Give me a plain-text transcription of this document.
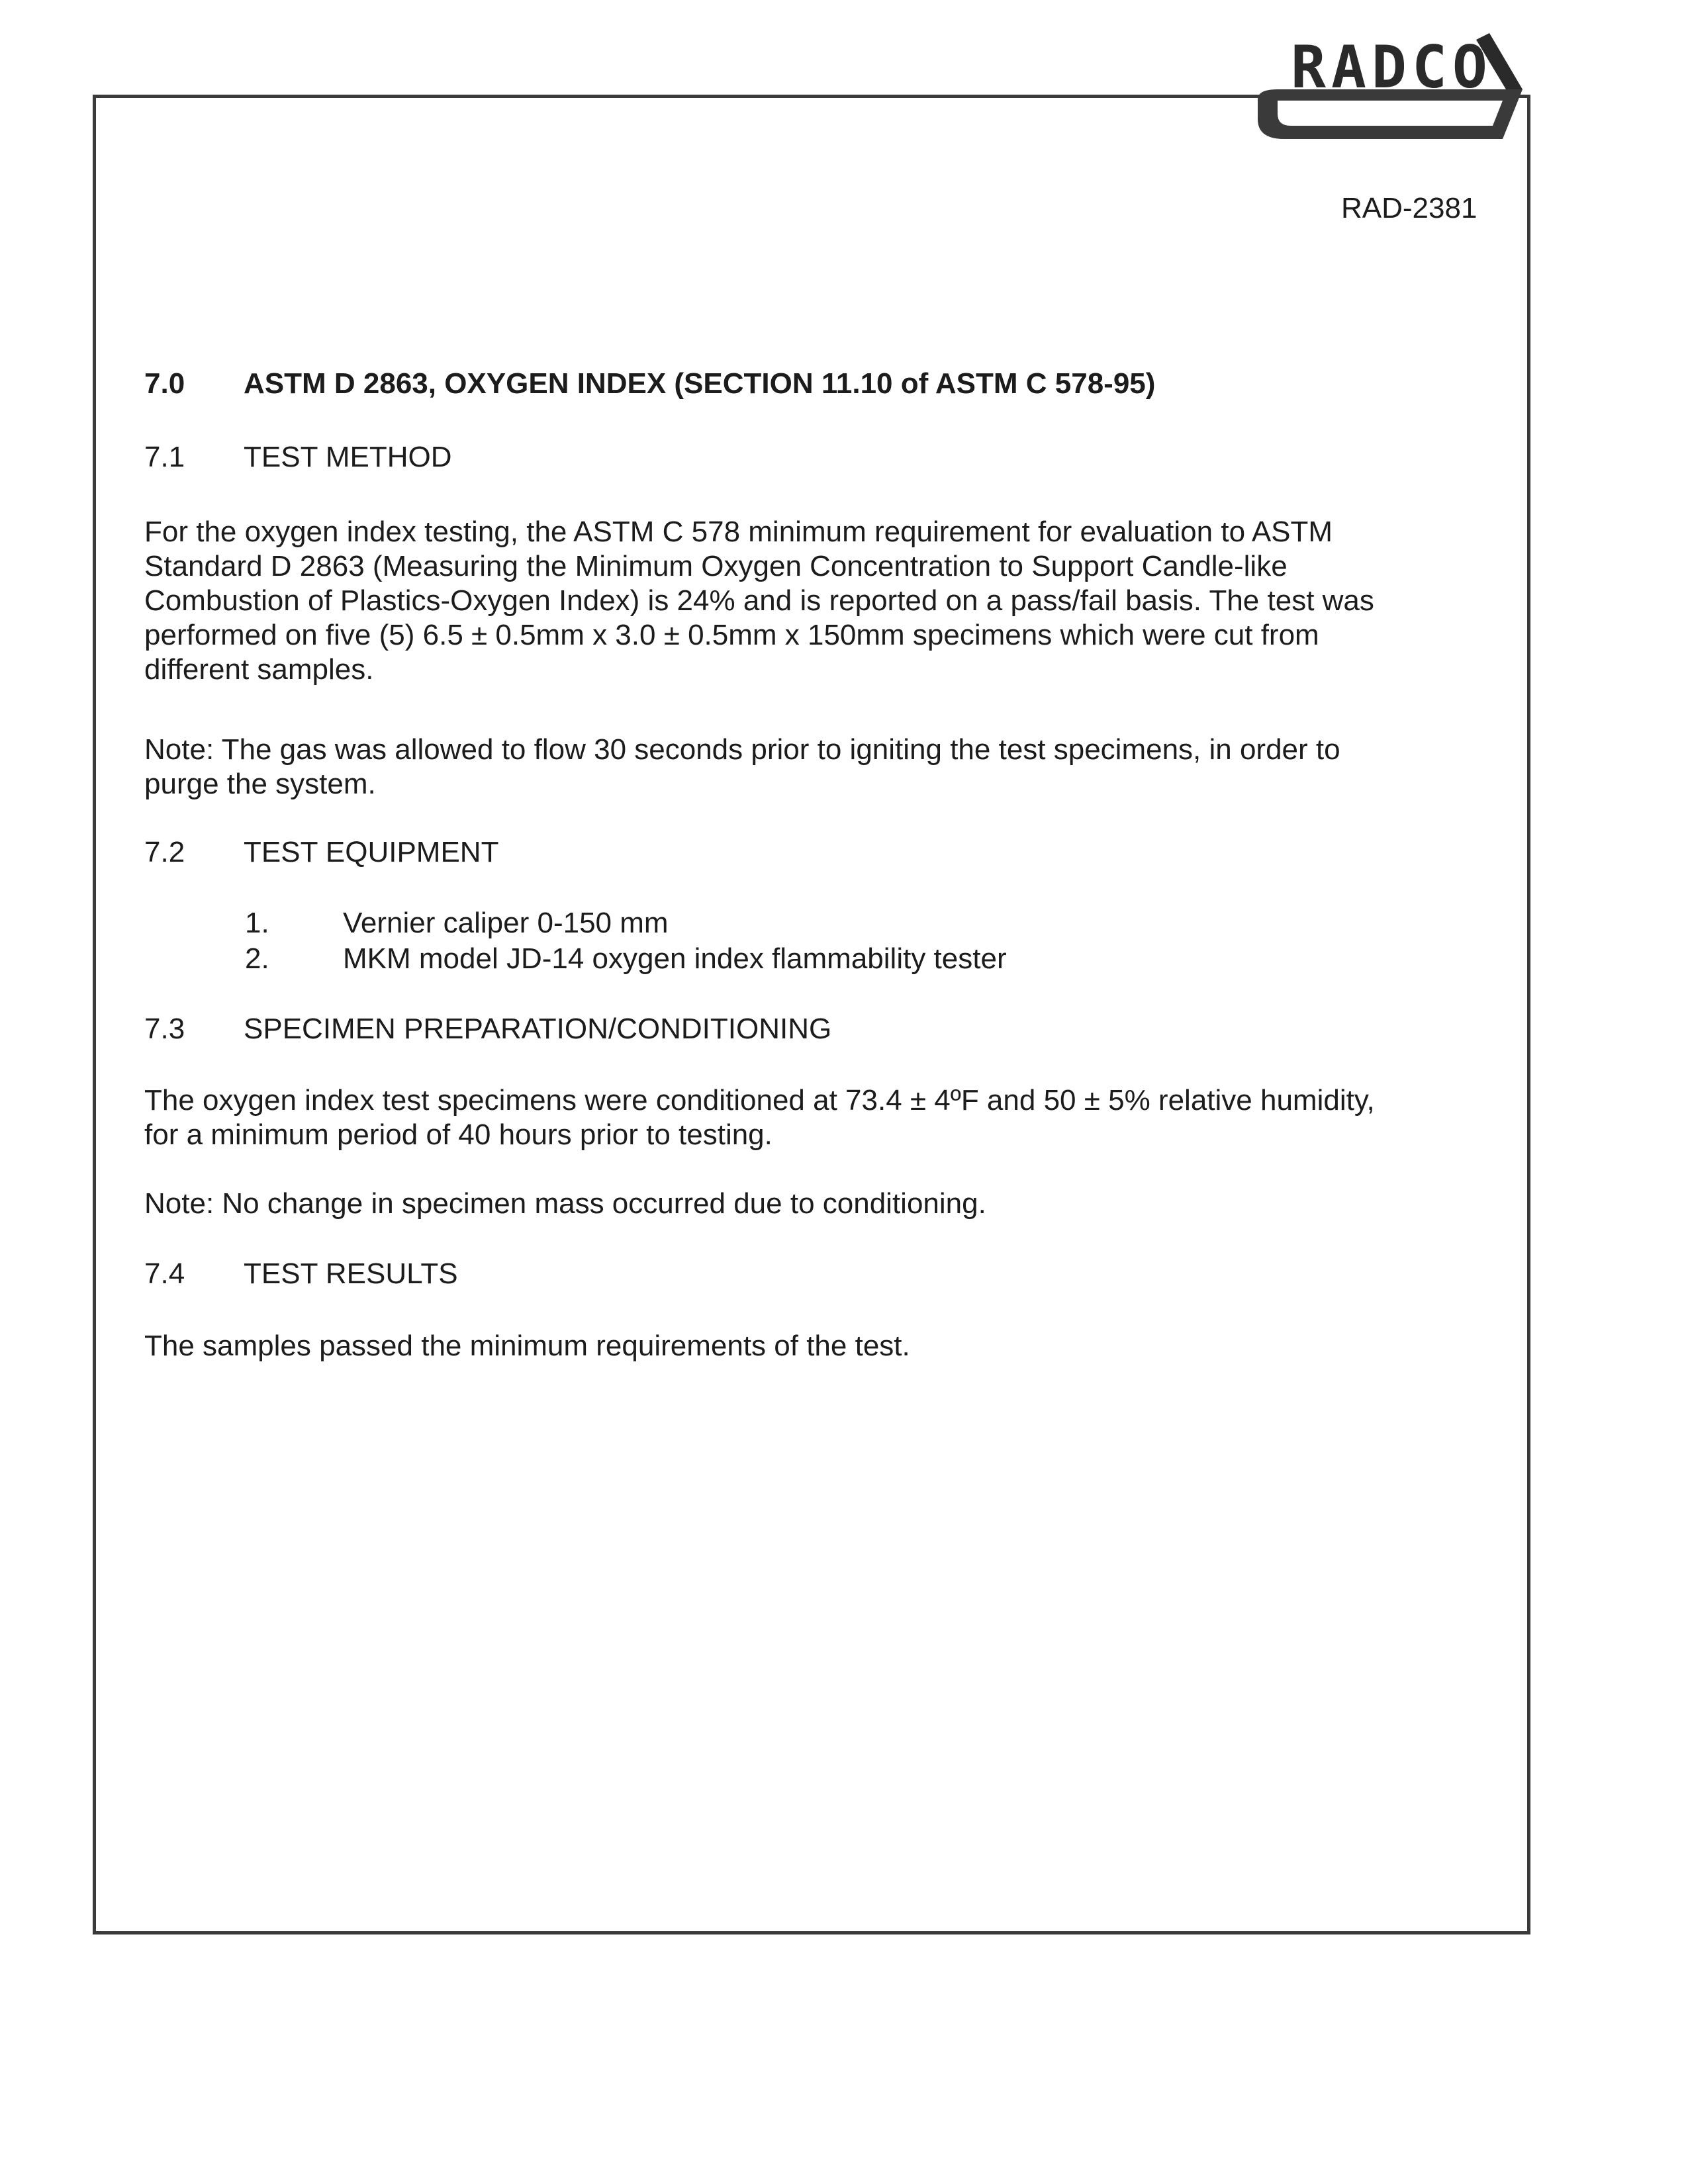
RADCO
RAD-2381
7.0 ASTM D 2863, OXYGEN INDEX (SECTION 11.10 of ASTM C 578-95)
7.1 TEST METHOD
For the oxygen index testing, the ASTM C 578 minimum requirement for evaluation to ASTM
Standard D 2863 (Measuring the Minimum Oxygen Concentration to Support Candle-like
Combustion of Plastics-Oxygen Index) is 24% and is reported on a pass/fail basis. The test was
performed on five (5) 6.5 ± 0.5mm x 3.0 ± 0.5mm x 150mm specimens which were cut from
different samples.
Note: The gas was allowed to flow 30 seconds prior to igniting the test specimens, in order to
purge the system.
7.2 TEST EQUIPMENT
1.	Vernier caliper 0-150 mm
2.	MKM model JD-14 oxygen index flammability tester
7.3 SPECIMEN PREPARATION/CONDITIONING
The oxygen index test specimens were conditioned at 73.4 ± 4ºF and 50 ± 5% relative humidity,
for a minimum period of 40 hours prior to testing.
Note: No change in specimen mass occurred due to conditioning.
7.4 TEST RESULTS
The samples passed the minimum requirements of the test.
